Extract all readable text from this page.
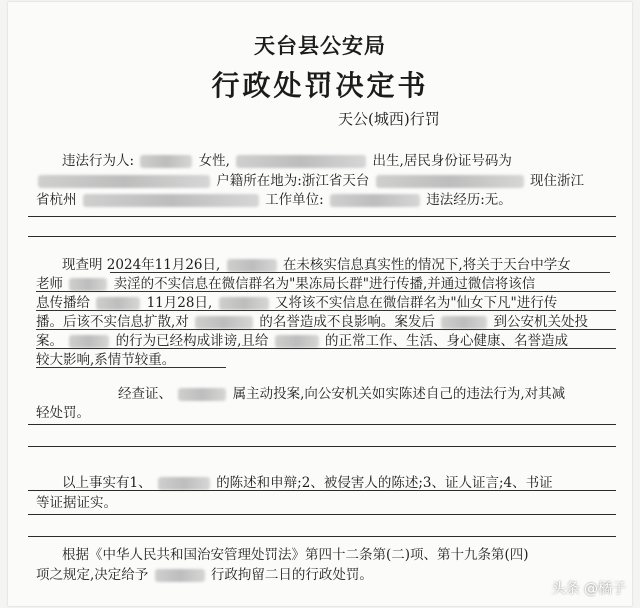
天台县公安局
行政处罚决定书
天公(城西)行罚
违法行为人:	女性,	出生,居民身份证号码为
户籍所在地为:浙江省天台	现住浙江
省杭州	工作单位:	违法经历:无。
现查明 2024年11月26日,	在未核实信息真实性的情况下,将关于天台中学女
老师	卖淫的不实信息在微信群名为"果冻局长群"进行传播,并通过微信将该信
息传播给	11月28日,	又将该不实信息在微信群名为"仙女下凡"进行传
播。后该不实信息扩散,对	的名誉造成不良影响。案发后	到公安机关处投
案。	的行为已经构成诽谤,且给	的正常工作、生活、身心健康、名誉造成
较大影响,系情节较重。
经查证、	属主动投案,向公安机关如实陈述自己的违法行为,对其减
轻处罚。
以上事实有1、	的陈述和申辩;2、被侵害人的陈述;3、证人证言;4、书证
等证据证实。
根据《中华人民共和国治安管理处罚法》第四十二条第(二)项、第十九条第(四)
项之规定,决定给予	行政拘留二日的行政处罚。
头条 @橘子
